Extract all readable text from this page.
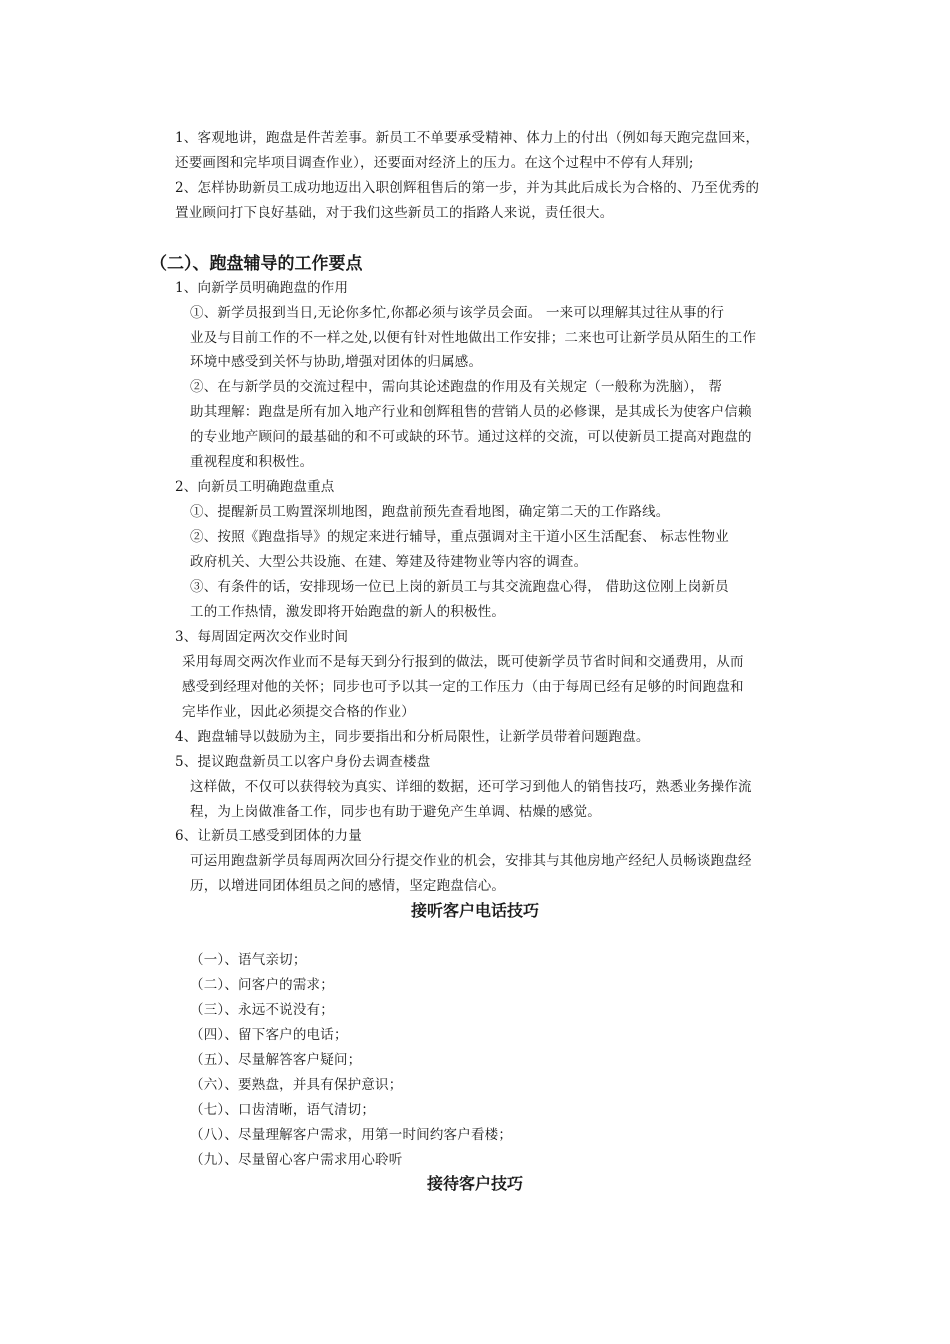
1、客观地讲，跑盘是件苦差事。新员工不单要承受精神、体力上的付出（例如每天跑完盘回来，
还要画图和完毕项目调查作业），还要面对经济上的压力。在这个过程中不停有人拜别;
2、怎样协助新员工成功地迈出入职创辉租售后的第一步，并为其此后成长为合格的、乃至优秀的
置业顾问打下良好基础，对于我们这些新员工的指路人来说，责任很大。
（二）、跑盘辅导的工作要点
1、向新学员明确跑盘的作用
①、新学员报到当日,无论你多忙,你都必须与该学员会面。 一来可以理解其过往从事的行
业及与目前工作的不一样之处,以便有针对性地做出工作安排；二来也可让新学员从陌生的工作
环境中感受到关怀与协助,增强对团体的归属感。
②、在与新学员的交流过程中，需向其论述跑盘的作用及有关规定（一般称为洗脑）， 帮
助其理解：跑盘是所有加入地产行业和创辉租售的营销人员的必修课，是其成长为使客户信赖
的专业地产顾问的最基础的和不可或缺的环节。通过这样的交流，可以使新员工提高对跑盘的
重视程度和积极性。
2、向新员工明确跑盘重点
①、提醒新员工购置深圳地图，跑盘前预先查看地图，确定第二天的工作路线。
②、按照《跑盘指导》的规定来进行辅导，重点强调对主干道小区生活配套、 标志性物业
政府机关、大型公共设施、在建、筹建及待建物业等内容的调查。
③、有条件的话，安排现场一位已上岗的新员工与其交流跑盘心得， 借助这位刚上岗新员
工的工作热情，激发即将开始跑盘的新人的积极性。
3、每周固定两次交作业时间
采用每周交两次作业而不是每天到分行报到的做法，既可使新学员节省时间和交通费用，从而
感受到经理对他的关怀；同步也可予以其一定的工作压力（由于每周已经有足够的时间跑盘和
完毕作业，因此必须提交合格的作业）
4、跑盘辅导以鼓励为主，同步要指出和分析局限性，让新学员带着问题跑盘。
5、提议跑盘新员工以客户身份去调查楼盘
这样做，不仅可以获得较为真实、详细的数据，还可学习到他人的销售技巧，熟悉业务操作流
程，为上岗做准备工作，同步也有助于避免产生单调、枯燥的感觉。
6、让新员工感受到团体的力量
可运用跑盘新学员每周两次回分行提交作业的机会，安排其与其他房地产经纪人员畅谈跑盘经
历，以增进同团体组员之间的感情，坚定跑盘信心。
接听客户电话技巧
（一）、语气亲切；
（二）、问客户的需求；
（三）、永远不说没有；
（四）、留下客户的电话；
（五）、尽量解答客户疑问；
（六）、要熟盘，并具有保护意识；
（七）、口齿清晰，语气清切；
（八）、尽量理解客户需求，用第一时间约客户看楼；
（九）、尽量留心客户需求用心聆听
接待客户技巧
